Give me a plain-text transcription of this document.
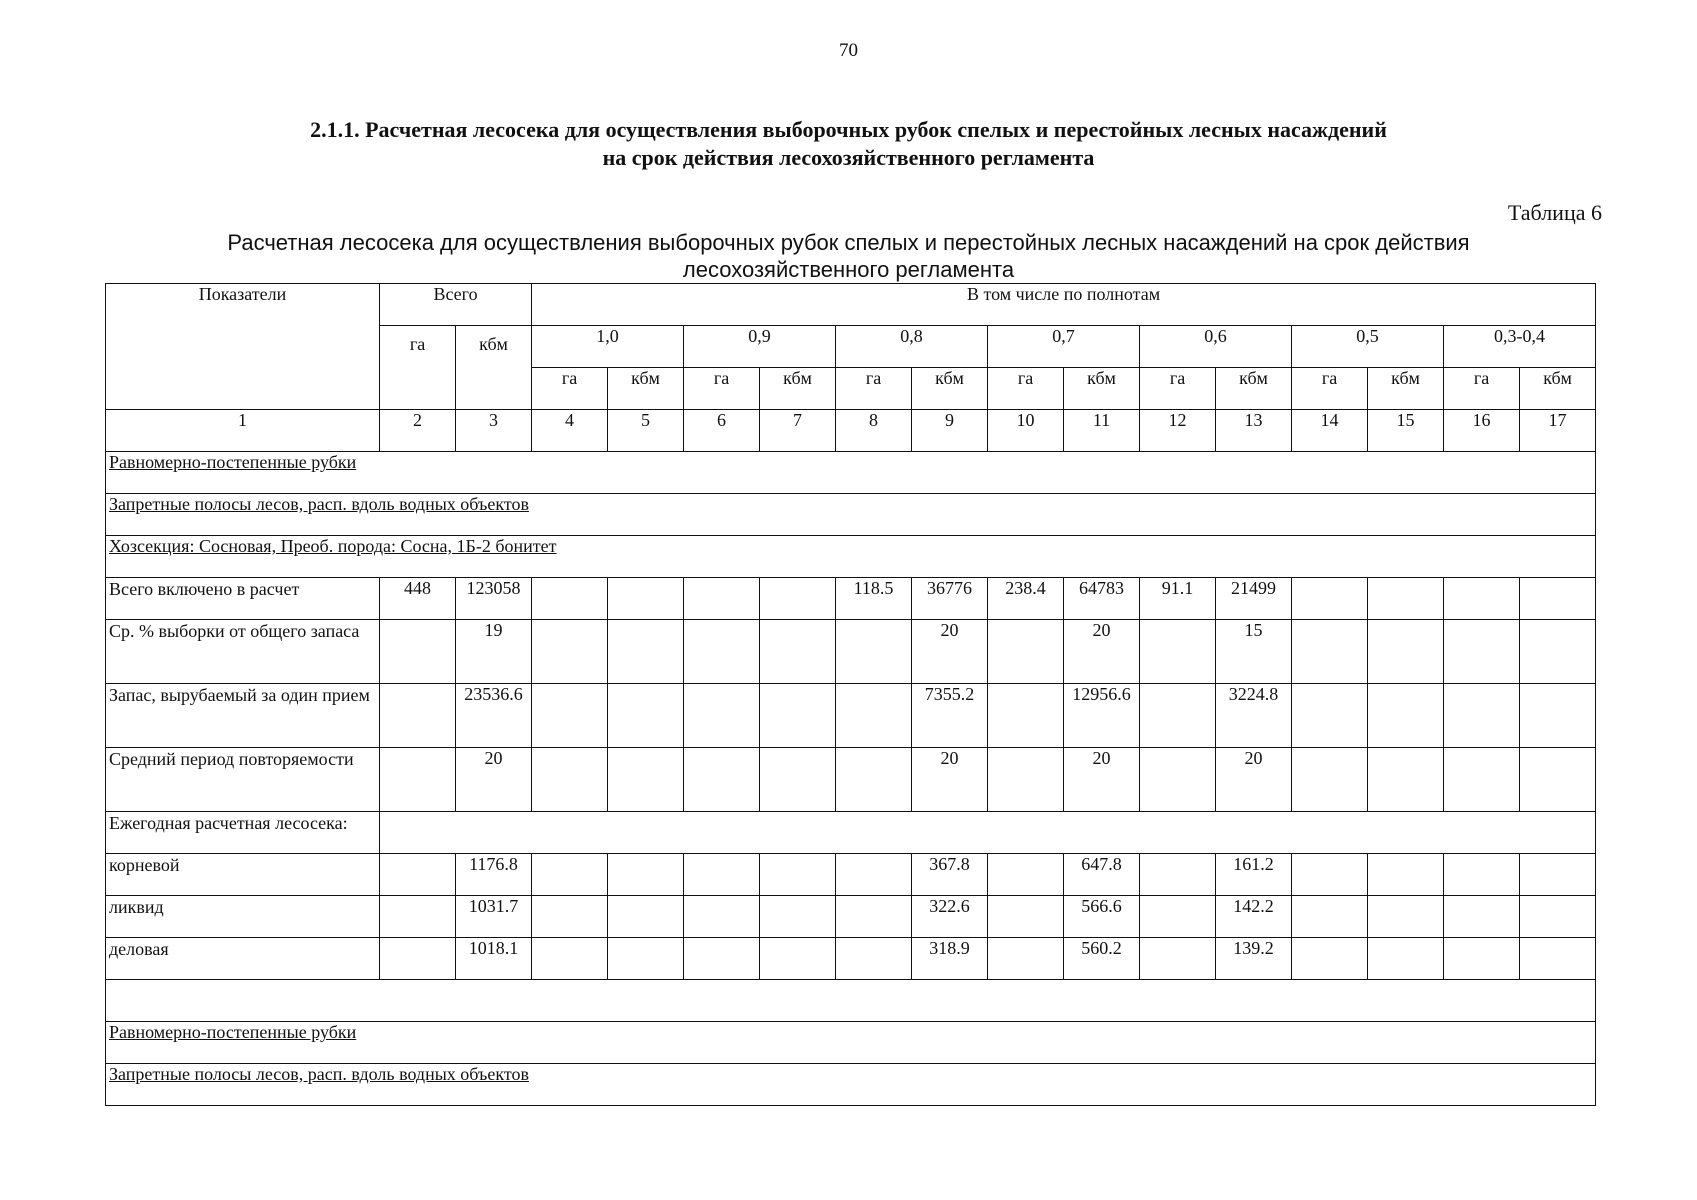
70
2.1.1. Расчетная лесосека для осуществления выборочных рубок спелых и перестойных лесных насаждений
на срок действия лесохозяйственного регламента
Таблица 6
Расчетная лесосека для осуществления выборочных рубок спелых и перестойных лесных насаждений на срок действия
лесохозяйственного регламента
Показатели	Всего		В том числе по полнотам													
	га	кбм	1,0		0,9		0,8		0,7		0,6		0,5		0,3-0,4	
			га	кбм	га	кбм	га	кбм	га	кбм	га	кбм	га	кбм	га	кбм
1	2	3	4	5	6	7	8	9	10	11	12	13	14	15	16	17
Равномерно-постепенные рубки																
Запретные полосы лесов, расп. вдоль водных объектов																
Хозсекция: Сосновая, Преоб. порода: Сосна, 1Б-2 бонитет																
Всего включено в расчет	448	123058					118.5	36776	238.4	64783	91.1	21499				
Ср. % выборки от общего запаса		19						20		20		15				
Запас, вырубаемый за один прием		23536.6						7355.2		12956.6		3224.8				
Средний период повторяемости		20						20		20		20				
Ежегодная расчетная лесосека:																
корневой		1176.8						367.8		647.8		161.2				
ликвид		1031.7						322.6		566.6		142.2				
деловая		1018.1						318.9		560.2		139.2				

Равномерно-постепенные рубки																
Запретные полосы лесов, расп. вдоль водных объектов																
